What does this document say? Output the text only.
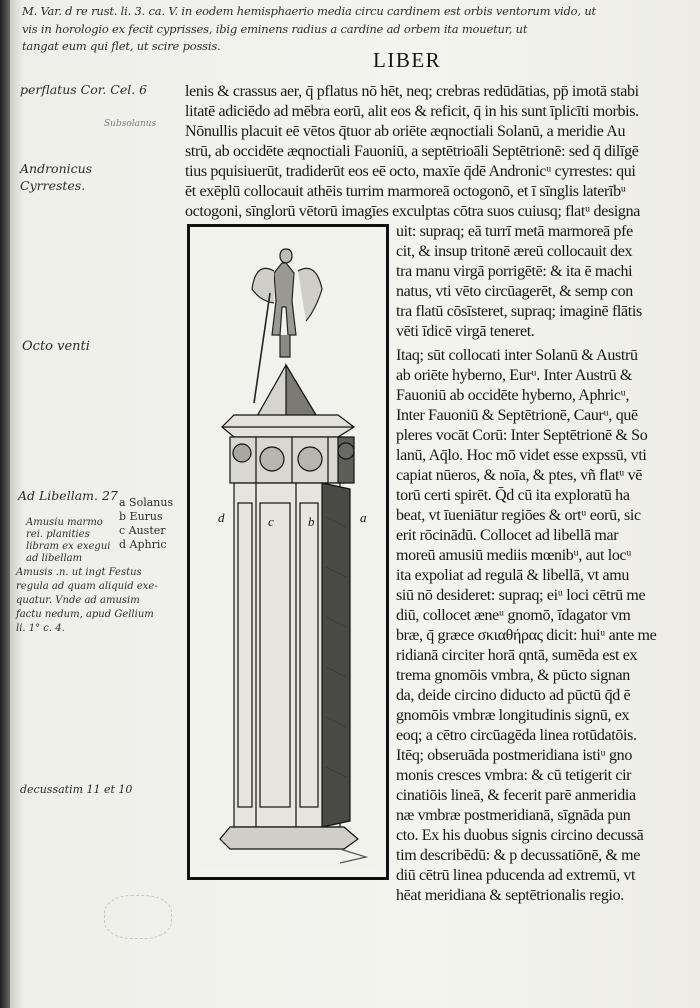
M. Var. d re rust. li. 3. ca. V. in eodem hemisphaerio media circu cardinem est orbis ventorum vido, ut
vis in horologio ex fecit cyprisses, ibig eminens radius a cardine ad orbem ita mouetur, ut
tangat eum qui flet, ut scire possis.
LIBER
perflatus Cor. Cel. 6
Subsolanus
Andronicus
Cyrrestes.
Octo venti
Ad Libellam. 27
Amusiu marmo
rei. planities
libram ex exegui
ad libellam
Amusis .n. ut ingt Festus
regula ad quam aliquid exe-
quatur. Vnde ad amusim
factu nedum, apud Gellium
li. 1° c. 4.
decussatim 11 et 10
a Solanus
b Eurus
c Auster
d Aphric
d	c	b	a
lenis & crassus aer, q̄ pflatus nō hēt, neq; crebras redūdātias, pp̄ imotā stabi
litatē adiciēdo ad mēbra eorū, alit eos & reficit, q̄ in his sunt īplicīti morbis.
Nōnullis placuit eē vētos q̄tuor ab oriēte æqnoctiali Solanū, a meridie Au
strū, ab occidēte æqnoctiali Fauoniū, a septētrioāli Septētrionē: sed q̄ dilīgē
tius pquisiuerūt, tradiderūt eos eē octo, maxīe q̄dē Andronicᵘ cyrrestes: qui
ēt exēplū collocauit athēis turrim marmoreā octogonō, et ī sīnglis laterībᵘ
octogoni, sīnglorū vētorū imagīes exculptas cōtra suos cuiusq; flatᵘ designa
uit: supraq; eā turrī metā marmoreā pfe
cit, & insup tritonē æreū collocauit dex
tra manu virgā porrigētē: & ita ē machi
natus, vti vēto circūagerēt, & semp con
tra flatū cōsīsteret, supraq; imaginē flātis
vēti īdicē virgā teneret.
Itaq; sūt collocati inter Solanū & Austrū
ab oriēte hyberno, Eurᵘ. Inter Austrū &
Fauoniū ab occidēte hyberno, Aphricᵘ,
Inter Fauoniū & Septētrionē, Caurᵘ, quē
pleres vocāt Corū: Inter Septētrionē & So
lanū, Aq̄lo. Hoc mō videt esse expssū, vti
capiat nūeros, & noīa, & ptes, vñ flatᵘ vē
torū certi spirēt. Q̄d cū ita exploratū ha
beat, vt īueniātur regiōes & ortᵘ eorū, sic
erit rōcinādū. Collocet ad libellā mar
moreū amusiū mediis mœnibᵘ, aut locᵘ
ita expoliat ad regulā & libellā, vt amu
siū nō desideret: supraq; eiᵘ loci cētrū me
diū, collocet æneᵘ gnomō, īdagator vm
bræ, q̄ græce σκιαθήρας dicit: huiᵘ ante me
ridianā circiter horā qntā, sumēda est ex
trema gnomōis vmbra, & pūcto signan
da, deide circino diducto ad pūctū q̄d ē
gnomōis vmbræ longitudinis signū, ex
eoq; a cētro circūagēda linea rotūdatōis.
Itēq; obseruāda postmeridiana istiᵘ gno
monis cresces vmbra: & cū tetigerit cir
cinatiōis lineā, & fecerit parē anmeridia
næ vmbræ postmeridianā, sīgnāda pun
cto. Ex his duobus signis circino decussā
tim describēdū: & p decussatiōnē, & me
diū cētrū linea pducenda ad extremū, vt
hēat meridiana & septētrionalis regio.
